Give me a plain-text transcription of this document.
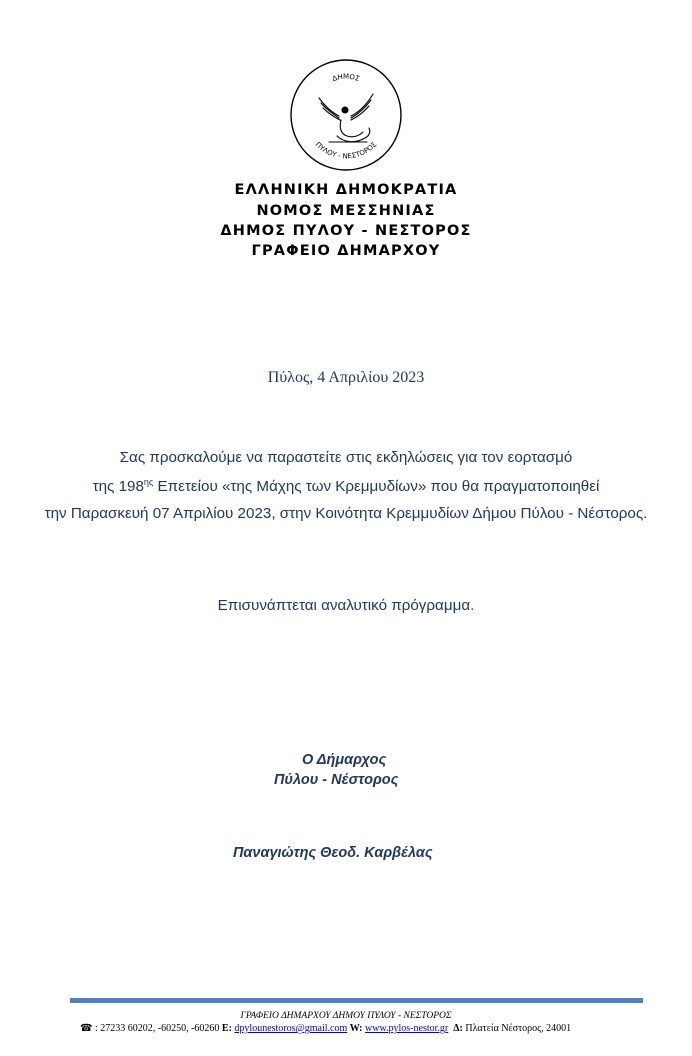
ΔΗΜΟΣ
ΠΥΛΟΥ - ΝΕΣΤΟΡΟΣ
ΕΛΛΗΝΙΚΗ ΔΗΜΟΚΡΑΤΙΑ
ΝΟΜΟΣ ΜΕΣΣΗΝΙΑΣ
ΔΗΜΟΣ ΠΥΛΟΥ - ΝΕΣΤΟΡΟΣ
ΓΡΑΦΕΙΟ ΔΗΜΑΡΧΟΥ
Πύλος, 4 Απριλίου 2023
Σας προσκαλούμε να παραστείτε στις εκδηλώσεις για τον εορτασμό
της $198^{\eta\varsigma}$ Επετείου «της Μάχης των Κρεμμυδίων» που θα πραγματοποιηθεί
την Παρασκευή 07 Απριλίου 2023, στην Κοινότητα Κρεμμυδίων Δήμου Πύλου - Νέστορος.
Επισυνάπτεται αναλυτικό πρόγραμμα.
Ο Δήμαρχος
Πύλου - Νέστορος
Παναγιώτης Θεοδ. Καρβέλας
ΓΡΑΦΕΙΟ ΔΗΜΑΡΧΟΥ ΔΗΜΟΥ ΠΥΛΟΥ - ΝΕΣΤΟΡΟΣ
☎ : 27233 60202, -60250, -60260 E: dpylounestoros@gmail.com W: www.pylos-nestor.gr Δ: Πλατεία Νέστορος, 24001
